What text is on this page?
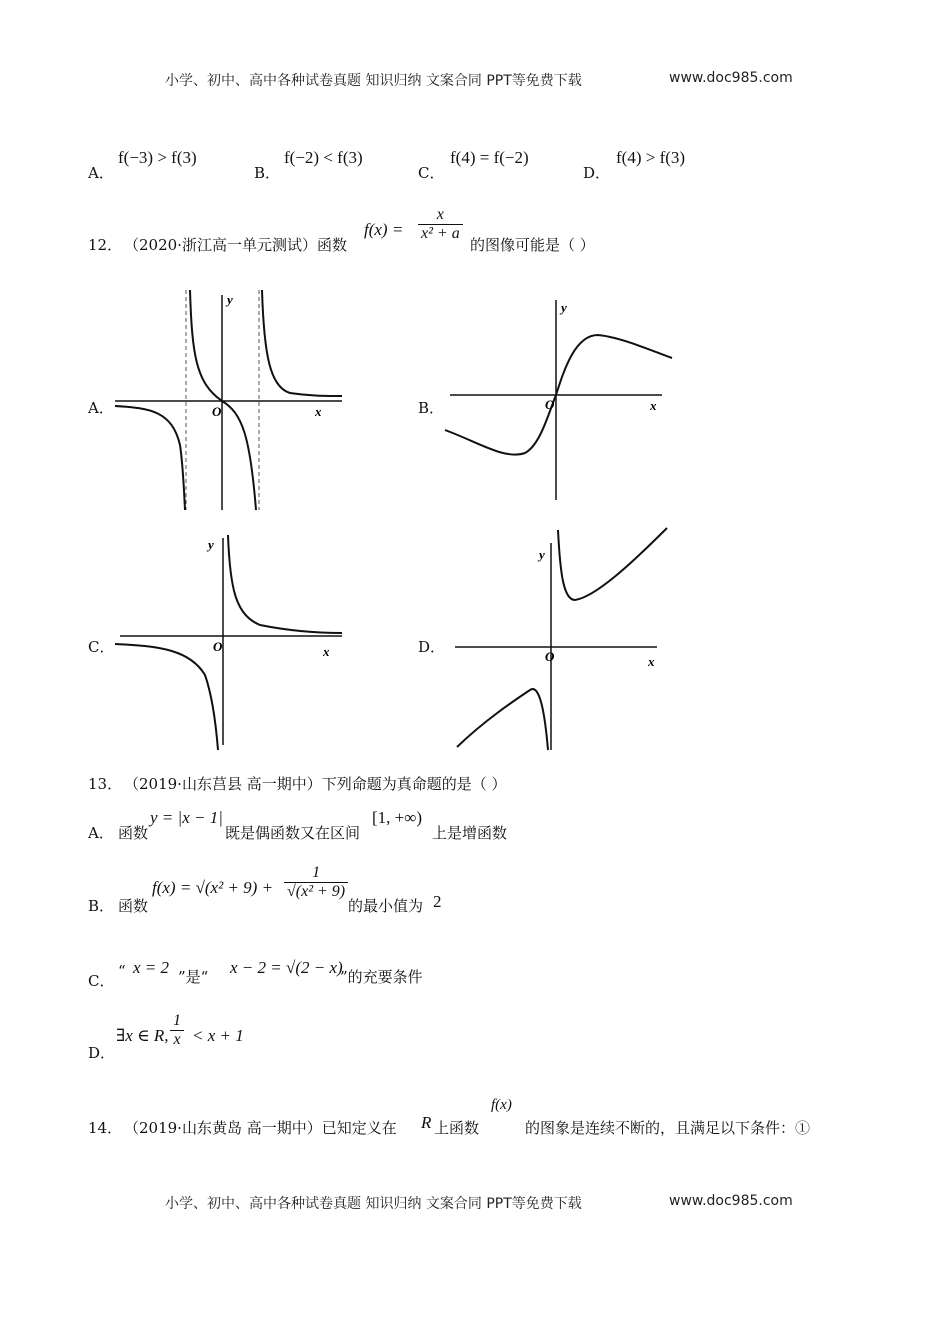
小学、初中、高中各种试卷真题 知识归纳 文案合同 PPT等免费下载	www.doc985.com
A．
f(−3) > f(3)
B．
f(−2) < f(3)
C．
f(4) = f(−2)
D．
f(4) > f(3)
12． （2020·浙江高一单元测试）函数
$f(x) = \frac{x}{\text{x² + a}}$
的图像可能是（ ）
A．	B．
C．	D．
y
x
O
y
x
O
y
x
O
y
x
O
13． （2019·山东莒县 高一期中）下列命题为真命题的是（ ）
A． 函数
y = |x − 1|
既是偶函数又在区间
[1, +∞)
上是增函数
B． 函数
$f(x) = √(x^2 + 9) + \frac{1}{\text{√(x² + 9)}}$
的最小值为 2
C．
“ x = 2 ”是“ x − 2 = √(2 − x)
”的充要条件
D．
∃x ∈ R, $\frac{1}{x} < x + 1$
14． （2019·山东黄岛 高一期中）已知定义在 R 上函数
f(x)
的图象是连续不断的，且满足以下条件：①
小学、初中、高中各种试卷真题 知识归纳 文案合同 PPT等免费下载	www.doc985.com
